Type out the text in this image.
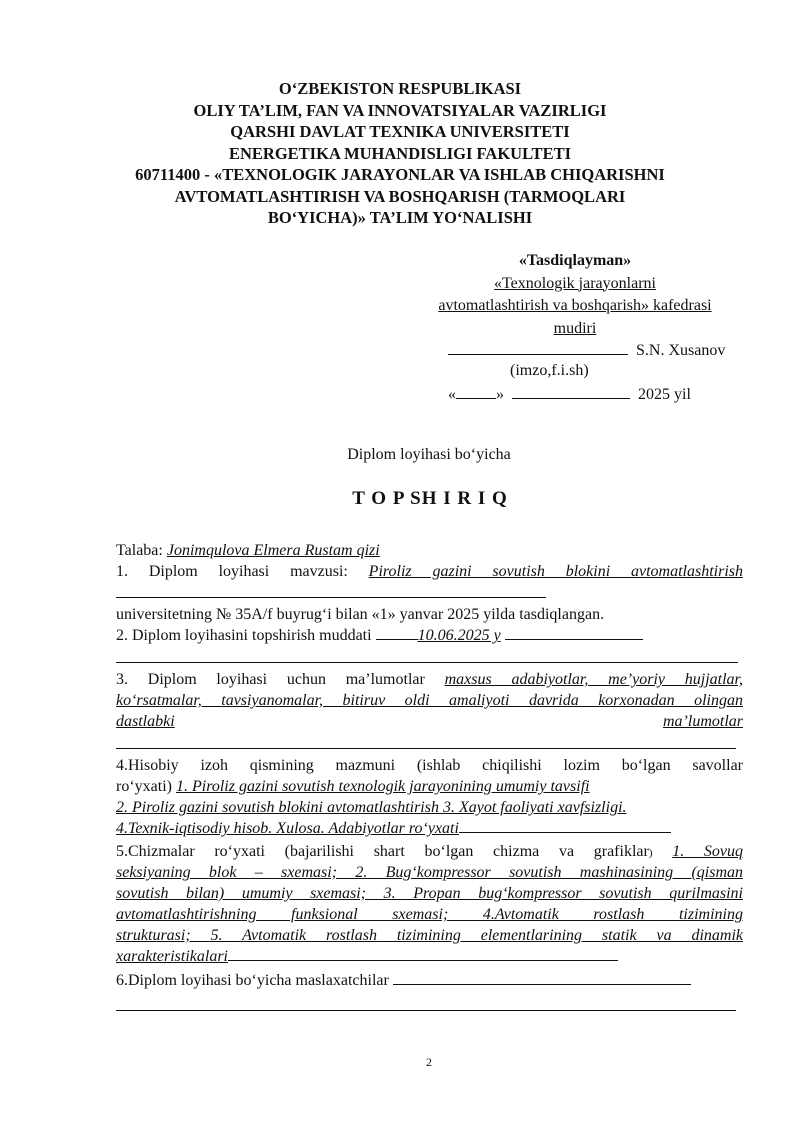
O‘ZBEKISTON RESPUBLIKASI
OLIY TA’LIM, FAN VA INNOVATSIYALAR VAZIRLIGI
QARSHI DAVLAT TEXNIKA UNIVERSITETI
ENERGETIKA MUHANDISLIGI FAKULTETI
60711400 - «TEXNOLOGIK JARAYONLAR VA ISHLAB CHIQARISHNI
AVTOMATLASHTIRISH VA BOSHQARISH (TARMOQLARI
BO‘YICHA)» TA’LIM YO‘NALISHI
«Tasdiqlayman»
«Texnologik jarayonlarni
avtomatlashtirish va boshqarish» kafedrasi
mudiri
S.N. Xusanov
(imzo,f.i.sh)
«	»	2025 yil
Diplom loyihasi bo‘yicha
T O P SH I R I Q
Talaba: Jonimqulova Elmera Rustam qizi
1. Diplom loyihasi mavzusi: Piroliz gazini sovutish blokini avtomatlashtirish
universitetning № 35A/f buyrug‘i bilan «1» yanvar 2025 yilda tasdiqlangan.
2. Diplom loyihasini topshirish muddati	10.06.2025 y
3. Diplom loyihasi uchun ma’lumotlar maxsus adabiyotlar, me’yoriy hujjatlar,
ko‘rsatmalar, tavsiyanomalar, bitiruv oldi amaliyoti davrida korxonadan olingan
dastlabki	ma’lumotlar
4.Hisobiy izoh qismining mazmuni (ishlab chiqilishi lozim bo‘lgan savollar
ro‘yxati) 1. Piroliz gazini sovutish texnologik jarayonining umumiy tavsifi
2. Piroliz gazini sovutish blokini avtomatlashtirish 3. Xayot faoliyati xavfsizligi.
4.Texnik-iqtisodiy hisob. Xulosa. Adabiyotlar ro‘yxati
5.Chizmalar ro‘yxati (bajarilishi shart bo‘lgan chizma va grafiklar) 1. Sovuq
seksiyaning blok – sxemasi; 2. Bug‘kompressor sovutish mashinasining (qisman
sovutish bilan) umumiy sxemasi; 3. Propan bug‘kompressor sovutish qurilmasini
avtomatlashtirishning funksional sxemasi; 4.Avtomatik rostlash tizimining
strukturasi; 5. Avtomatik rostlash tizimining elementlarining statik va dinamik
xarakteristikalari
6.Diplom loyihasi bo‘yicha maslaxatchilar
2
